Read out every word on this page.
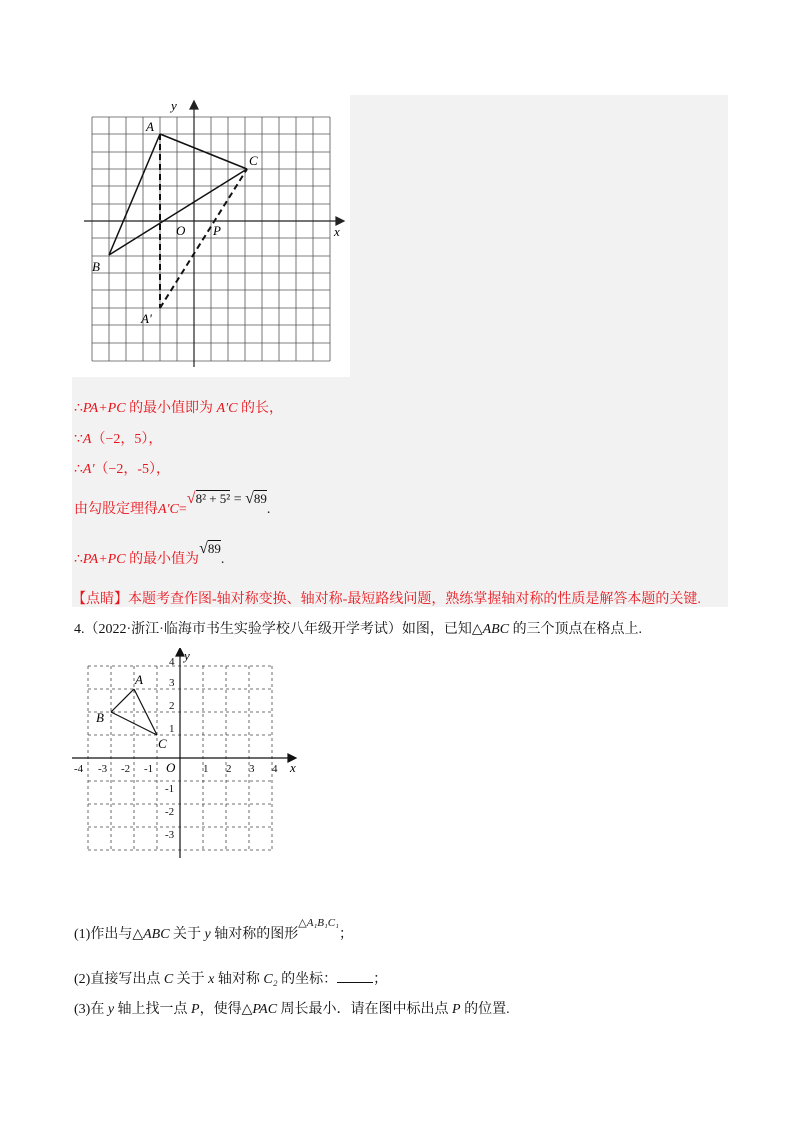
y
x
O
A
B
C
P
A'
∴PA+PC 的最小值即为 A'C 的长，
∵A（−2，5），
∴A'（−2，-5），
由勾股定理得A'C=√8² + 5² = √89.
∴PA+PC 的最小值为√89.
【点睛】本题考查作图-轴对称变换、轴对称-最短路线问题，熟练掌握轴对称的性质是解答本题的关键.
4.（2022·浙江·临海市书生实验学校八年级开学考试）如图，已知△ABC 的三个顶点在格点上.
y
x
O
-4 -3 -2 -1	1 2 3 4
4
3
2
1
-1
-2
-3
A
B
C
(1)作出与△ABC 关于 y 轴对称的图形$^{\triangle A_1B_1C_1}$；
(2)直接写出点 C 关于 x 轴对称 C₂ 的坐标：	；
(3)在 y 轴上找一点 P，使得△PAC 周长最小．请在图中标出点 P 的位置.
